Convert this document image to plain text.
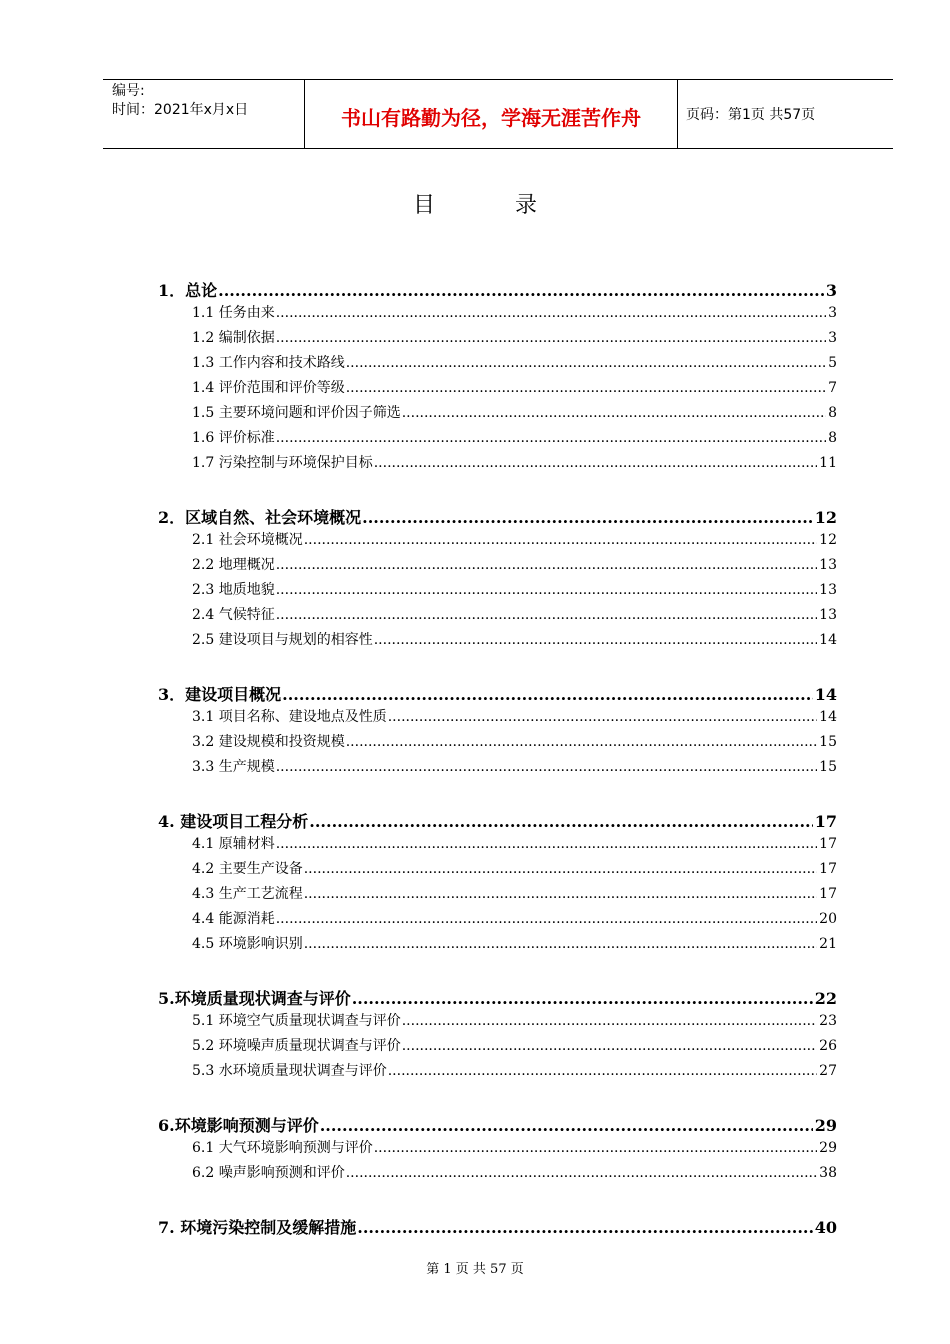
编号:
时间：2021年x月x日	书山有路勤为径，学海无涯苦作舟	页码：第1页 共57页
目	录
1．总论 .....	3
1.1 任务由来 .....	3
1.2 编制依据 .....	3
1.3 工作内容和技术路线 .....	5
1.4 评价范围和评价等级 .....	7
1.5 主要环境问题和评价因子筛选 .....	8
1.6 评价标准 .....	8
1.7 污染控制与环境保护目标 .....	11
2．区域自然、社会环境概况 .....	12
2.1 社会环境概况 .....	12
2.2 地理概况 .....	13
2.3 地质地貌 .....	13
2.4 气候特征 .....	13
2.5 建设项目与规划的相容性 .....	14
3．建设项目概况 .....	14
3.1 项目名称、建设地点及性质 .....	14
3.2 建设规模和投资规模 .....	15
3.3 生产规模 .....	15
4. 建设项目工程分析 .....	17
4.1 原辅材料 .....	17
4.2 主要生产设备 .....	17
4.3 生产工艺流程 .....	17
4.4 能源消耗 .....	20
4.5 环境影响识别 .....	21
5.环境质量现状调查与评价 .....	22
5.1 环境空气质量现状调查与评价 .....	23
5.2 环境噪声质量现状调查与评价 .....	26
5.3 水环境质量现状调查与评价 .....	27
6.环境影响预测与评价 .....	29
6.1 大气环境影响预测与评价 .....	29
6.2 噪声影响预测和评价 .....	38
7. 环境污染控制及缓解措施 .....	40
第 1 页 共 57 页
